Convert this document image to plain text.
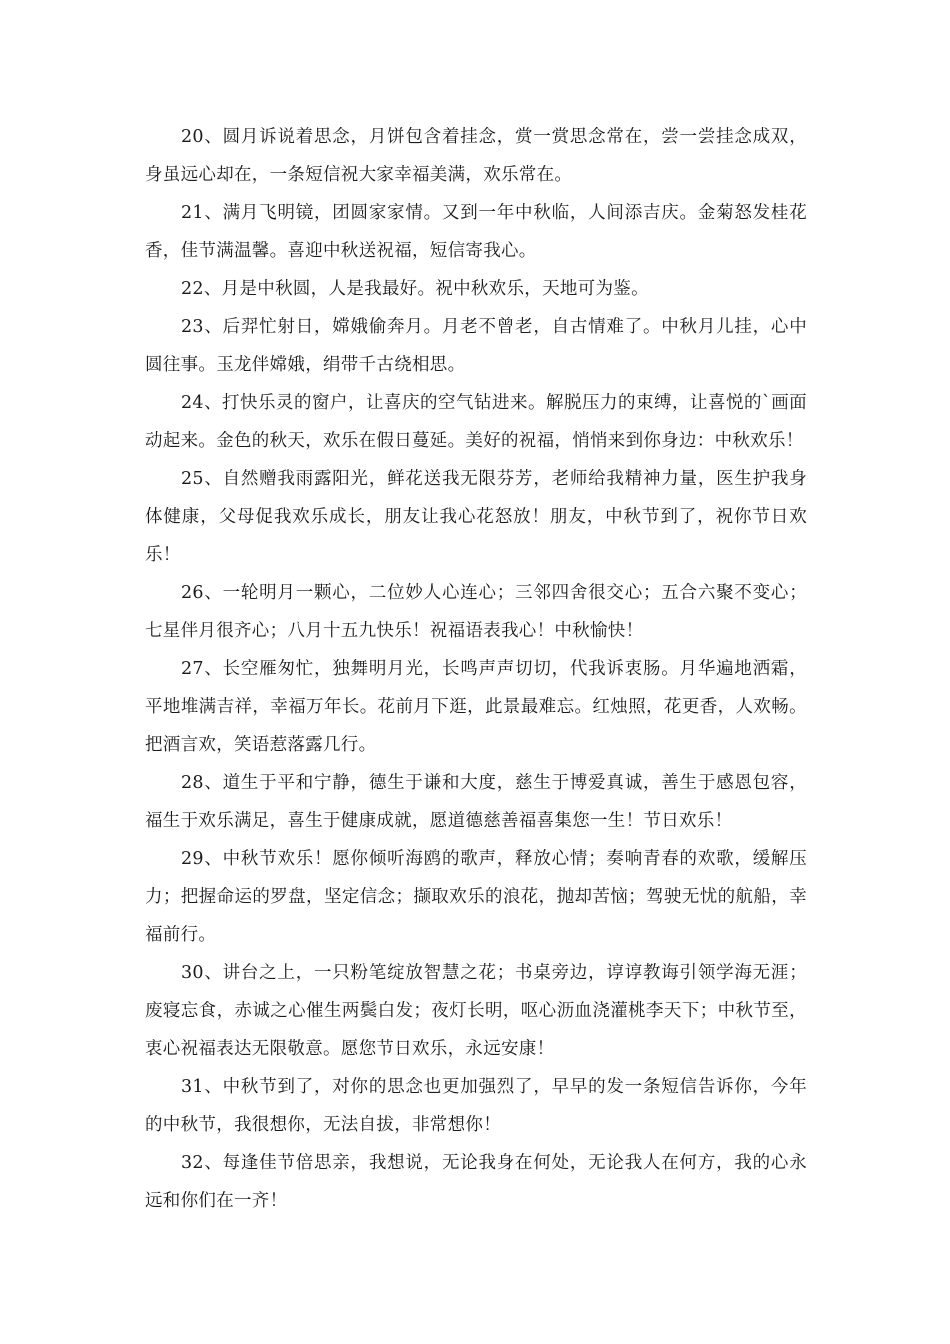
20、圆月诉说着思念，月饼包含着挂念，赏一赏思念常在，尝一尝挂念成双，身虽远心却在，一条短信祝大家幸福美满，欢乐常在。

21、满月飞明镜，团圆家家情。又到一年中秋临，人间添吉庆。金菊怒发桂花香，佳节满温馨。喜迎中秋送祝福，短信寄我心。

22、月是中秋圆，人是我最好。祝中秋欢乐，天地可为鉴。

23、后羿忙射日，嫦娥偷奔月。月老不曾老，自古情难了。中秋月儿挂，心中圆往事。玉龙伴嫦娥，绢带千古绕相思。

24、打快乐灵的窗户，让喜庆的空气钻进来。解脱压力的束缚，让喜悦的`画面动起来。金色的秋天，欢乐在假日蔓延。美好的祝福，悄悄来到你身边：中秋欢乐！

25、自然赠我雨露阳光，鲜花送我无限芬芳，老师给我精神力量，医生护我身体健康，父母促我欢乐成长，朋友让我心花怒放！朋友，中秋节到了，祝你节日欢乐！

26、一轮明月一颗心，二位妙人心连心；三邻四舍很交心；五合六聚不变心；七星伴月很齐心；八月十五九快乐！祝福语表我心！中秋愉快！

27、长空雁匆忙，独舞明月光，长鸣声声切切，代我诉衷肠。月华遍地洒霜，平地堆满吉祥，幸福万年长。花前月下逛，此景最难忘。红烛照，花更香，人欢畅。把酒言欢，笑语惹落露几行。

28、道生于平和宁静，德生于谦和大度，慈生于博爱真诚，善生于感恩包容，福生于欢乐满足，喜生于健康成就，愿道德慈善福喜集您一生！节日欢乐！

29、中秋节欢乐！愿你倾听海鸥的歌声，释放心情；奏响青春的欢歌，缓解压力；把握命运的罗盘，坚定信念；撷取欢乐的浪花，抛却苦恼；驾驶无忧的航船，幸福前行。

30、讲台之上，一只粉笔绽放智慧之花；书桌旁边，谆谆教诲引领学海无涯；废寝忘食，赤诚之心催生两鬓白发；夜灯长明，呕心沥血浇灌桃李天下；中秋节至，衷心祝福表达无限敬意。愿您节日欢乐，永远安康！

31、中秋节到了，对你的思念也更加强烈了，早早的发一条短信告诉你，今年的中秋节，我很想你，无法自拔，非常想你！

32、每逢佳节倍思亲，我想说，无论我身在何处，无论我人在何方，我的心永远和你们在一齐！
